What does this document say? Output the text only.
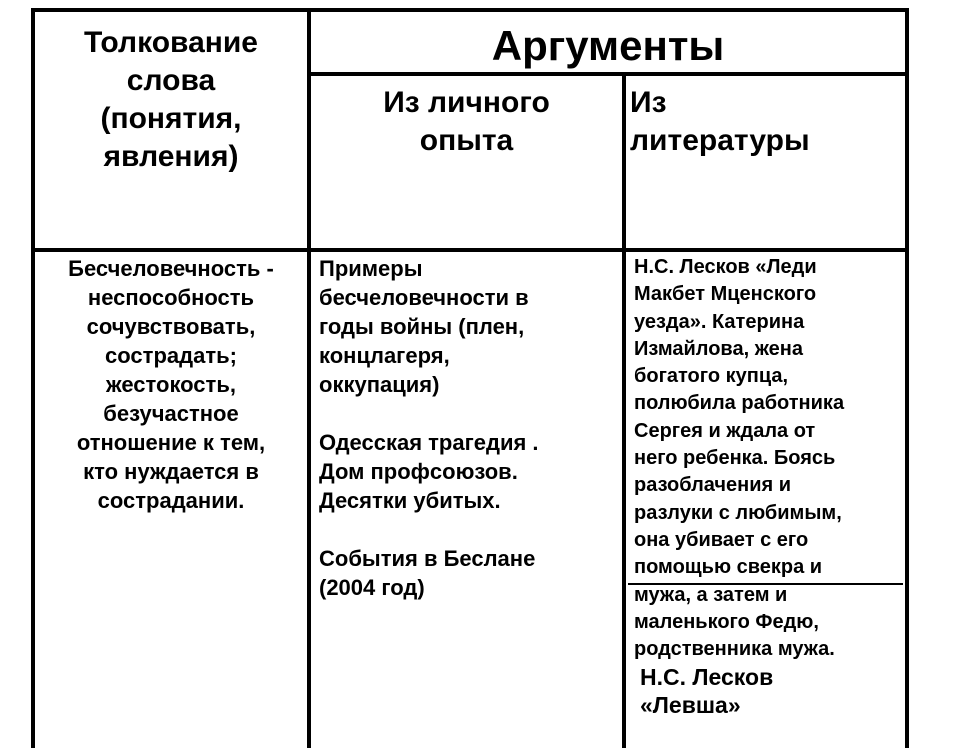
Толкование
слова
(понятия,
явления)
Аргументы
Из личного
опыта
Из
литературы
Бесчеловечность -
неспособность
сочувствовать,
сострадать;
жестокость,
безучастное
отношение к тем,
кто нуждается в
сострадании.
Примеры
бесчеловечности в
годы войны (плен,
концлагеря,
оккупация)
Одесская трагедия .
Дом профсоюзов.
Десятки убитых.
События в Беслане
(2004 год)
Н.С. Лесков «Леди
Макбет Мценского
уезда». Катерина
Измайлова, жена
богатого купца,
полюбила работника
Сергея и ждала от
него ребенка. Боясь
разоблачения и
разлуки с любимым,
она убивает с его
помощью свекра и
мужа, а затем и
маленького Федю,
родственника мужа.
Н.С. Лесков
«Левша»
